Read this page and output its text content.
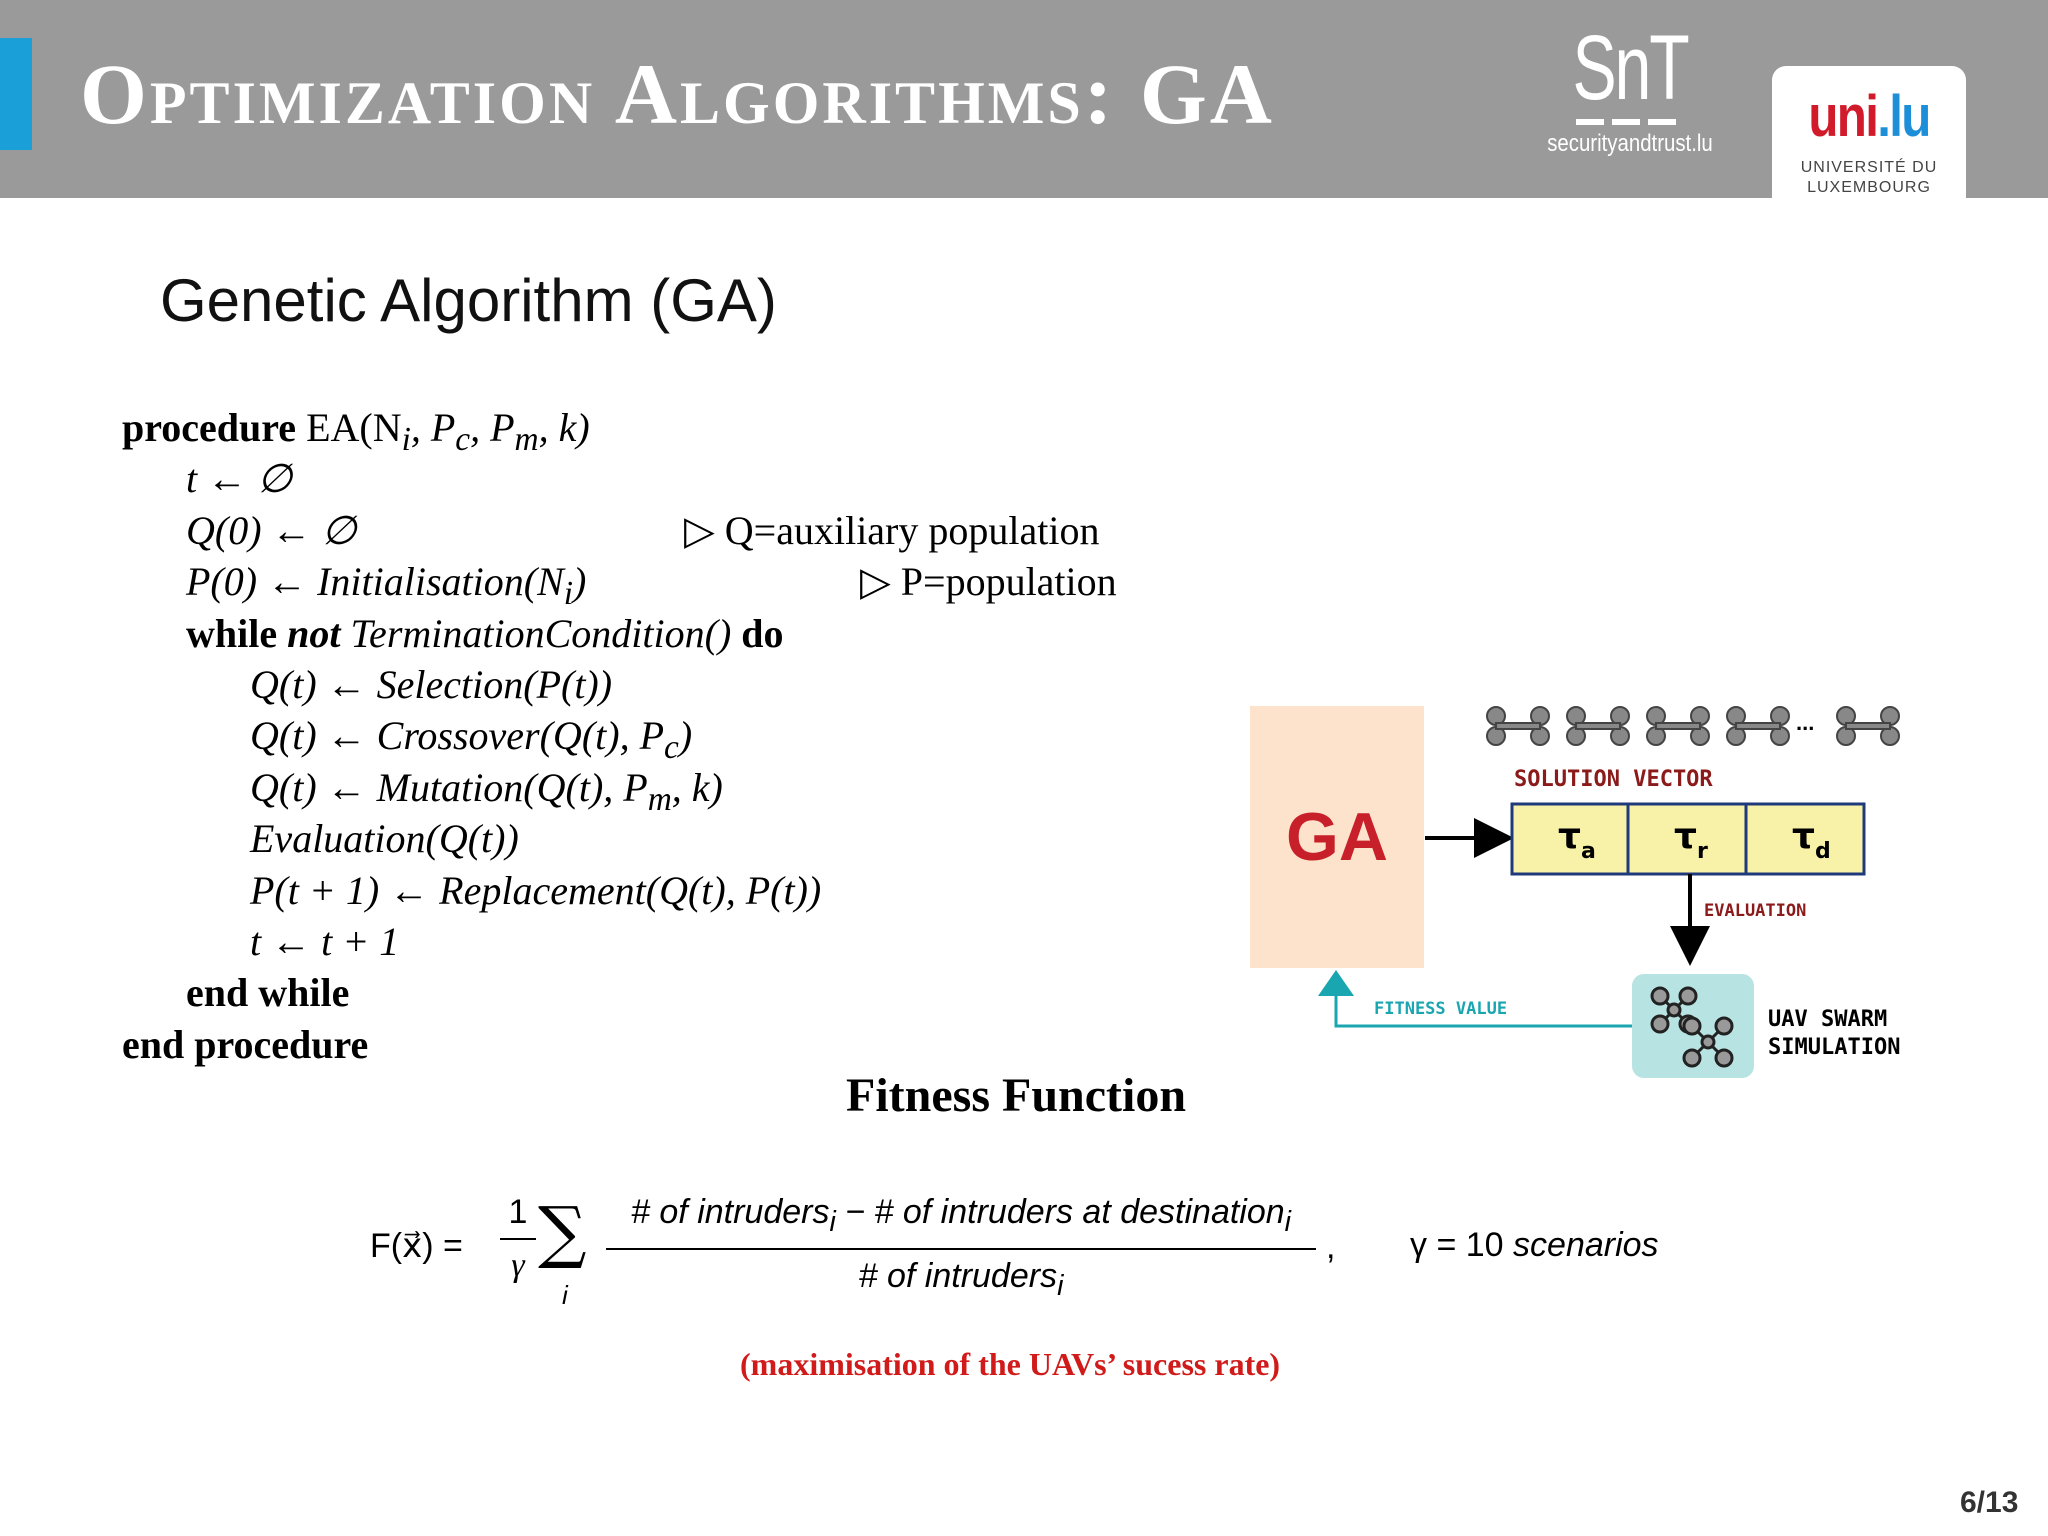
Optimization Algorithms: GA	SnT
securityandtrust.lu	uni.lu
UNIVERSITÉ DU
LUXEMBOURG
Genetic Algorithm (GA)
procedure $EA(N_i$, $P_c$, $P_m$, k)
t ← ∅
Q(0) ← ∅	▷ Q=auxiliary population
P(0) ← $Initialisation(N_i)$	▷ P=population
while not TerminationCondition() do
Q(t) ← Selection(P(t))
Q(t) ← Crossover(Q(t), $P_c$)
Q(t) ← Mutation(Q(t), $P_m$, k)
Evaluation(Q(t))
P(t + 1) ← Replacement(Q(t), P(t))
t ← t + 1
end while
end procedure
...
GA
SOLUTION VECTOR
$\tau_a$ $\tau_r$ $\tau_d$
EVALUATION
UAV SWARM
SIMULATION
FITNESS VALUE
Fitness Function
F(x⃗) =
1
γ ∑
i
# of intruders$_i$ − # of intruders at destination$_i$
# of intruders$_i$
, γ = 10 scenarios
(maximisation of the UAVs’ sucess rate)
6/13
